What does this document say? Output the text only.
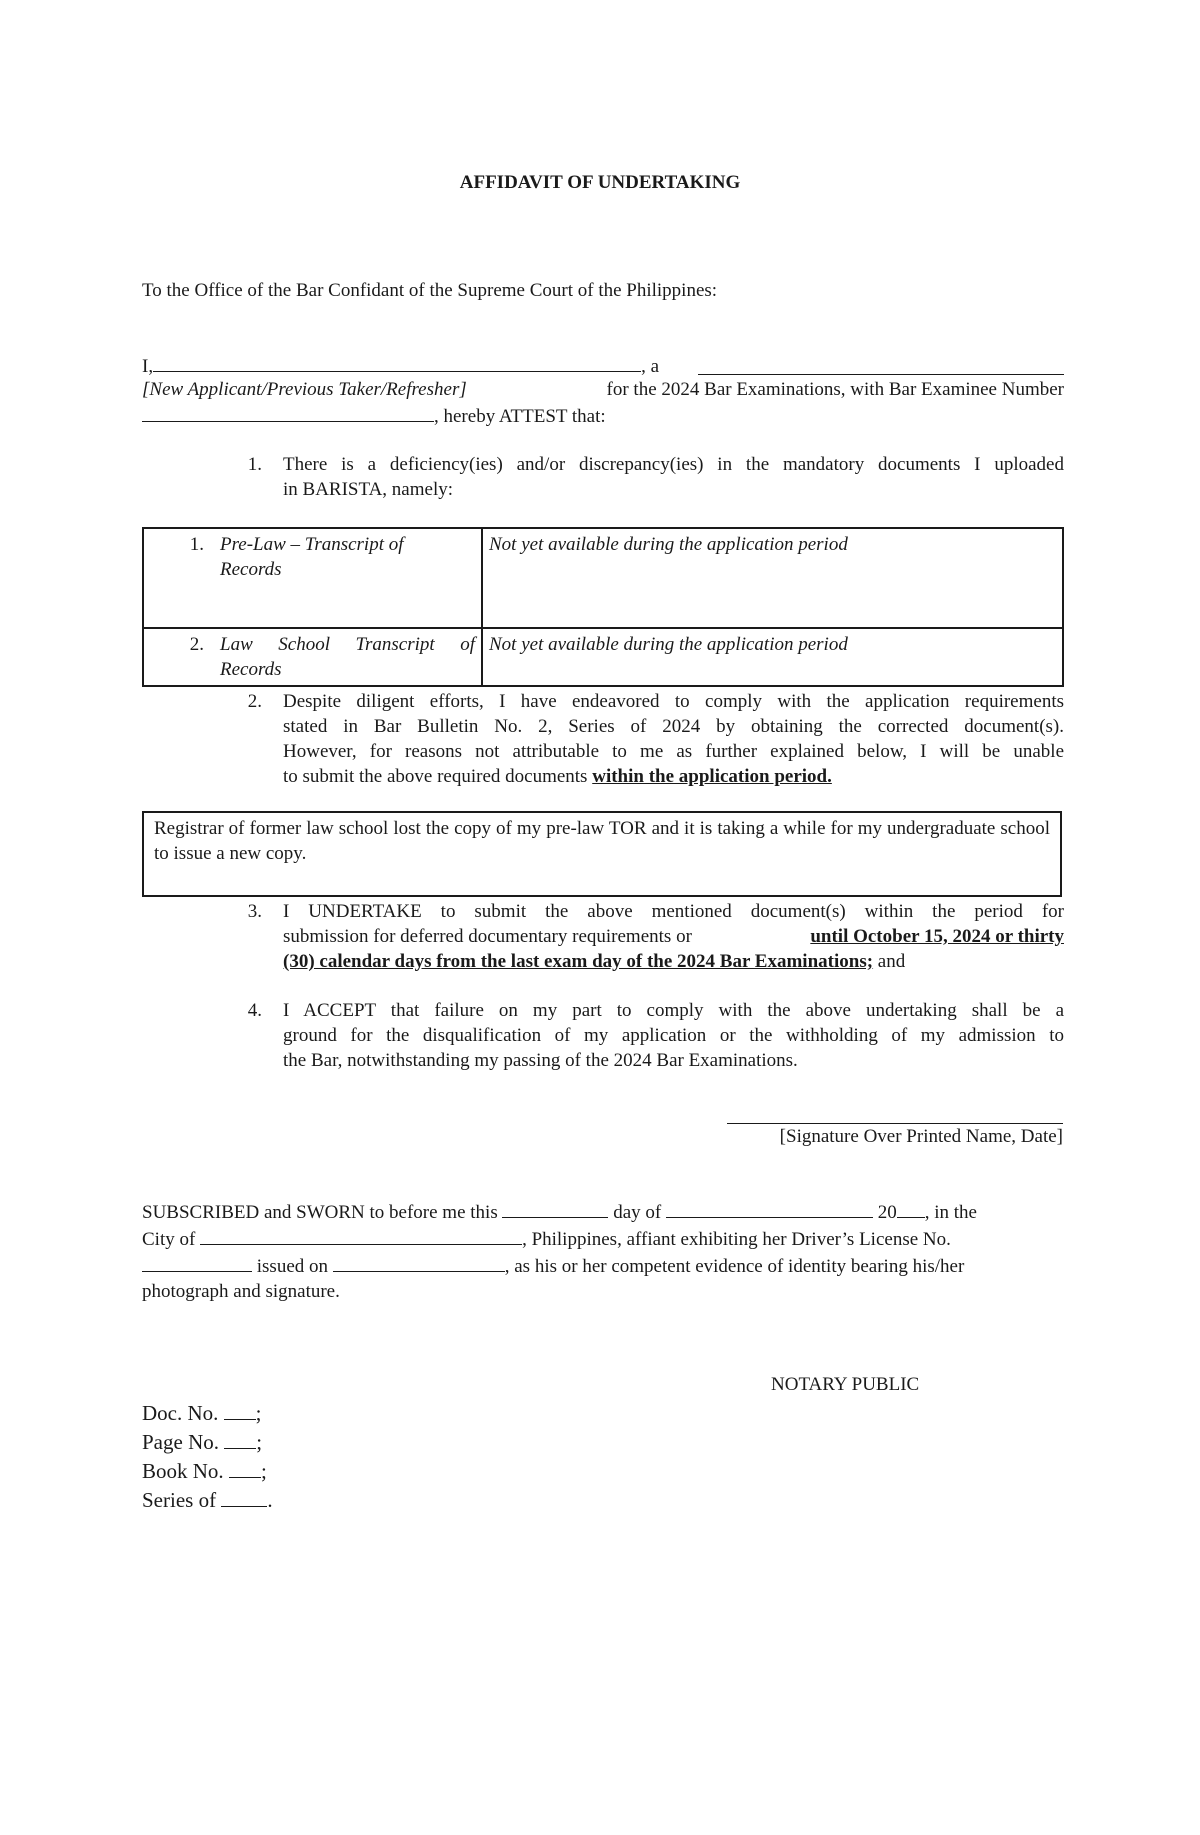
AFFIDAVIT OF UNDERTAKING
To the Office of the Bar Confidant of the Supreme Court of the Philippines:
I,	, a
[New Applicant/Previous Taker/Refresher]	for the 2024 Bar Examinations, with Bar Examinee Number
, hereby ATTEST that:
1. There is a deficiency(ies) and/or discrepancy(ies) in the mandatory documents I uploaded
in BARISTA, namely:
1. Pre-Law – Transcript of
Records	Not yet available during the application period

2. Law School Transcript of
Records	Not yet available during the application period
2. Despite diligent efforts, I have endeavored to comply with the application requirements
stated in Bar Bulletin No. 2, Series of 2024 by obtaining the corrected document(s).
However, for reasons not attributable to me as further explained below, I will be unable
to submit the above required documents within the application period.
Registrar of former law school lost the copy of my pre-law TOR and it is taking a while for my undergraduate school to issue a new copy.
3. I UNDERTAKE to submit the above mentioned document(s) within the period for
submission for deferred documentary requirements or	until October 15, 2024 or thirty
(30) calendar days from the last exam day of the 2024 Bar Examinations; and
4. I ACCEPT that failure on my part to comply with the above undertaking shall be a
ground for the disqualification of my application or the withholding of my admission to
the Bar, notwithstanding my passing of the 2024 Bar Examinations.
[Signature Over Printed Name, Date]
SUBSCRIBED and SWORN to before me this	day of	20 , in the
City of	, Philippines, affiant exhibiting her Driver’s License No.
issued on	, as his or her competent evidence of identity bearing his/her
photograph and signature.
NOTARY PUBLIC
Doc. No. ;
Page No. ;
Book No. ;
Series of .
